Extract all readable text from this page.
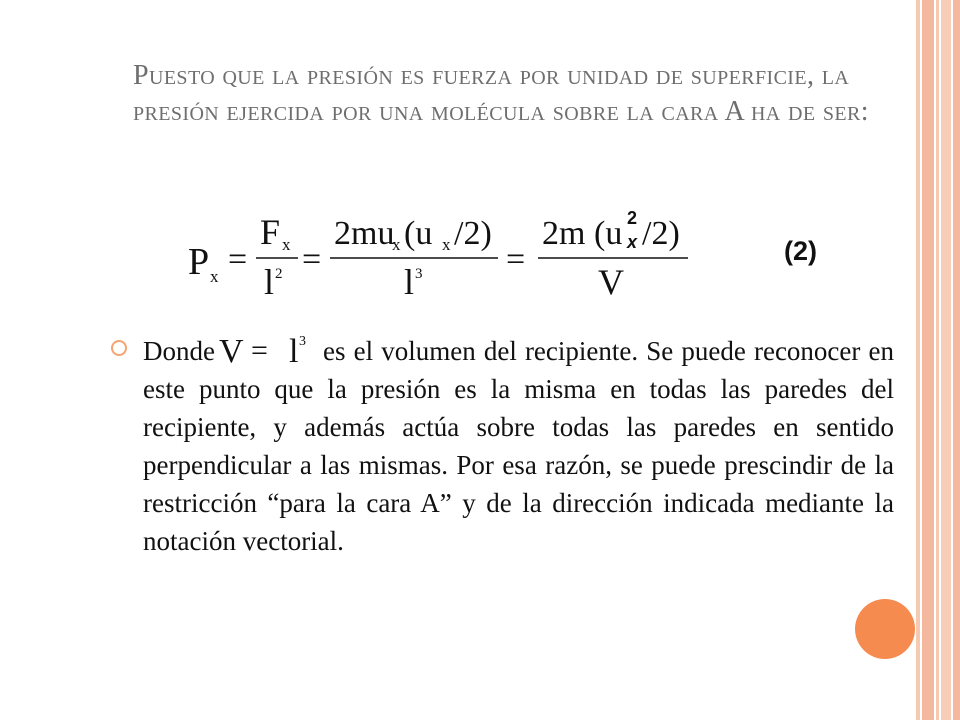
Puesto que la presión es fuerza por unidad de superficie, la presión ejercida por una molécula sobre la cara A ha de ser:
P x =
F x
l 2 =
2mu
x (u x /2)
l 3 =
2m (u 2
x /2)
V
(2)
Donde V = l 3 es el volumen del recipiente. Se puede reconocer en este punto que la presión es la misma en todas las paredes del recipiente, y además actúa sobre todas las paredes en sentido perpendicular a las mismas. Por esa razón, se puede prescindir de la restricción “para la cara A” y de la dirección indicada mediante la notación vectorial.
